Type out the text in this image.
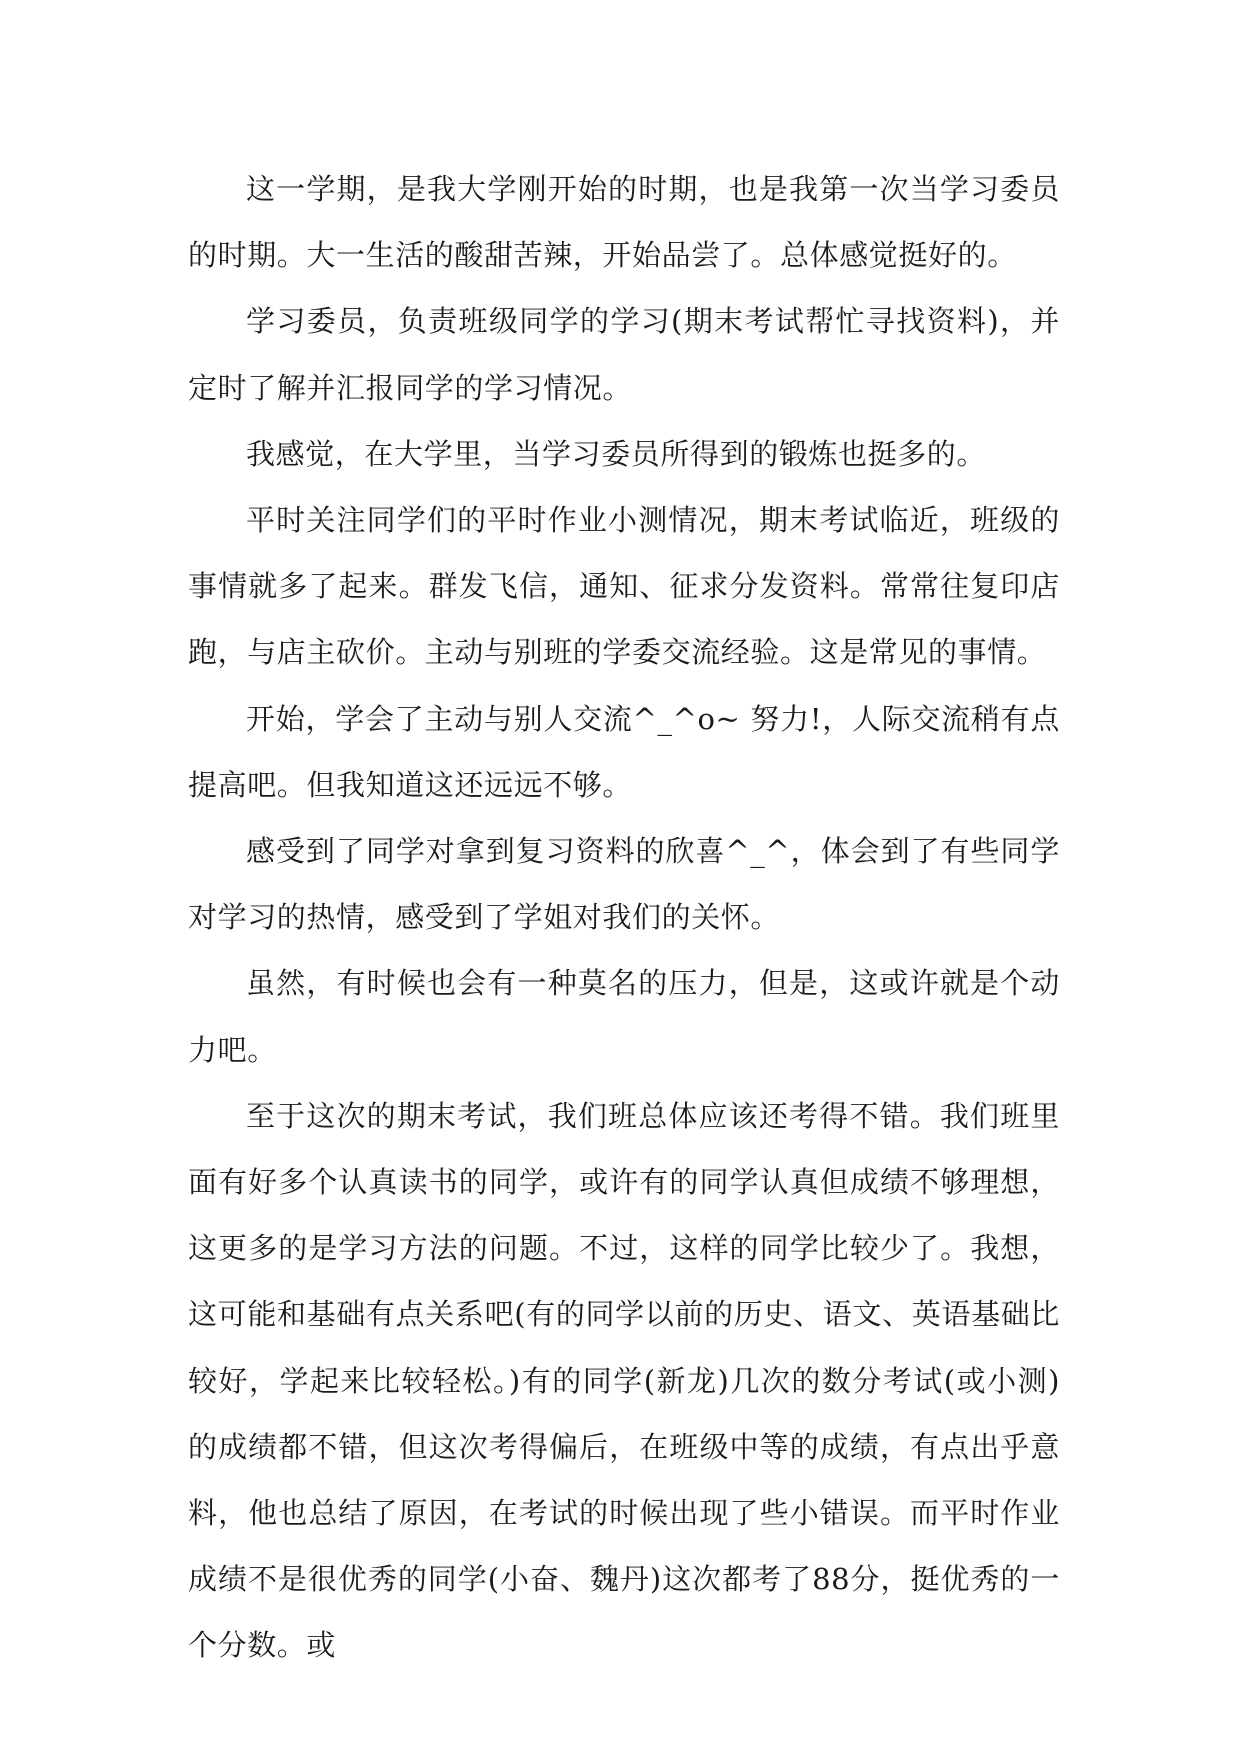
这一学期，是我大学刚开始的时期，也是我第一次当学习委员的时期。大一生活的酸甜苦辣，开始品尝了。总体感觉挺好的。

学习委员，负责班级同学的学习(期末考试帮忙寻找资料)，并定时了解并汇报同学的学习情况。

我感觉，在大学里，当学习委员所得到的锻炼也挺多的。

平时关注同学们的平时作业小测情况，期末考试临近，班级的事情就多了起来。群发飞信，通知、征求分发资料。常常往复印店跑，与店主砍价。主动与别班的学委交流经验。这是常见的事情。

开始，学会了主动与别人交流^_^o~ 努力!，人际交流稍有点提高吧。但我知道这还远远不够。

感受到了同学对拿到复习资料的欣喜^_^，体会到了有些同学对学习的热情，感受到了学姐对我们的关怀。

虽然，有时候也会有一种莫名的压力，但是，这或许就是个动力吧。

至于这次的期末考试，我们班总体应该还考得不错。我们班里面有好多个认真读书的同学，或许有的同学认真但成绩不够理想，这更多的是学习方法的问题。不过，这样的同学比较少了。我想，这可能和基础有点关系吧(有的同学以前的历史、语文、英语基础比较好，学起来比较轻松。)有的同学(新龙)几次的数分考试(或小测)的成绩都不错，但这次考得偏后，在班级中等的成绩，有点出乎意料，他也总结了原因，在考试的时候出现了些小错误。而平时作业成绩不是很优秀的同学(小奋、魏丹)这次都考了88分，挺优秀的一个分数。或
